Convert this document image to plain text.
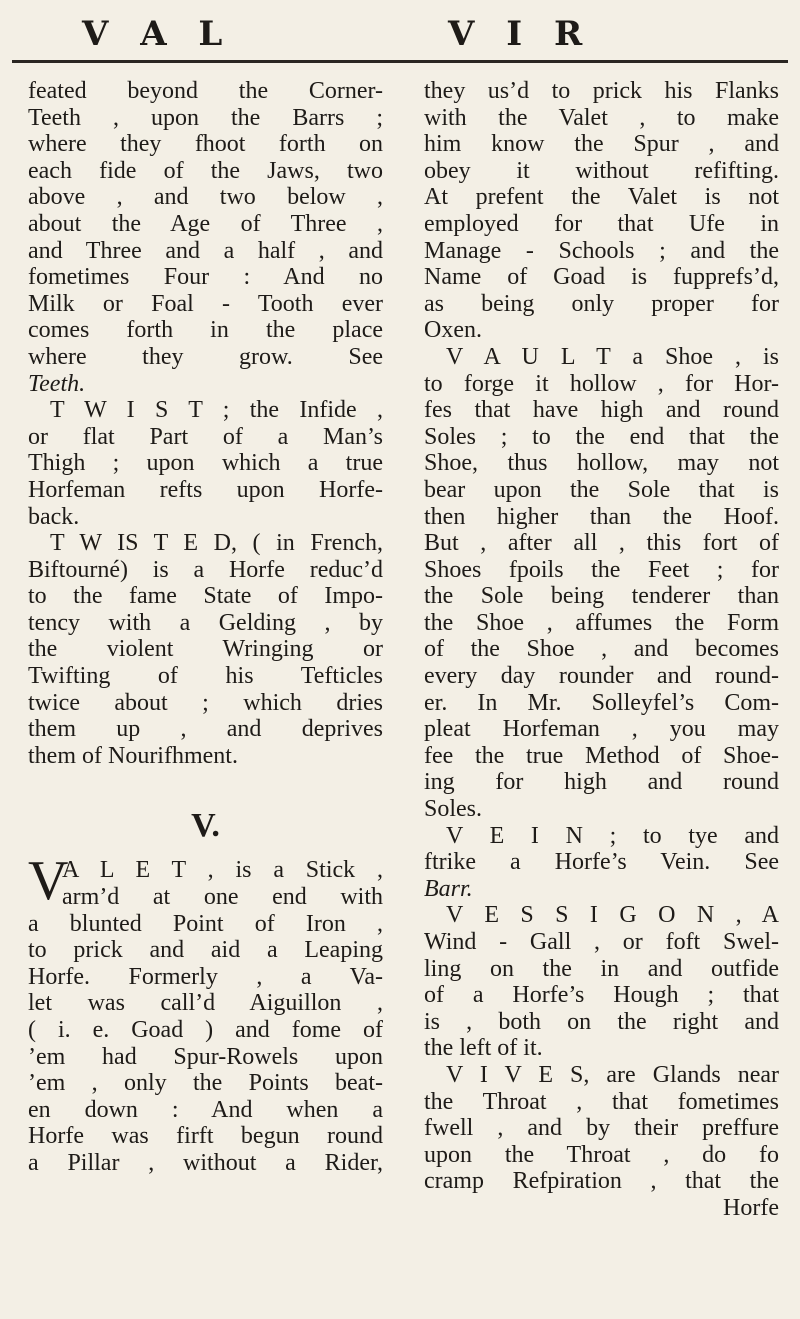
V A L	V I R
feated beyond the Corner-
Teeth , upon the Barrs ;
where they fhoot forth on
each fide of the Jaws, two
above , and two below ,
about the Age of Three ,
and Three and a half , and
fometimes Four : And no
Milk or Foal - Tooth ever
comes forth in the place
where they grow. See
Teeth.
T W I S T ; the Infide ,
or flat Part of a Man’s
Thigh ; upon which a true
Horfeman refts upon Horfe-
back.
T W IS T E D, ( in French,
Biftourné) is a Horfe reduc’d
to the fame State of Impo-
tency with a Gelding , by
the violent Wringing or
Twifting of his Tefticles
twice about ; which dries
them up , and deprives
them of Nourifhment.
V.
V
A L E T , is a Stick ,
arm’d at one end with
a blunted Point of Iron ,
to prick and aid a Leaping
Horfe. Formerly , a Va-
let was call’d Aiguillon ,
( i. e. Goad ) and fome of
’em had Spur-Rowels upon
’em , only the Points beat-
en down : And when a
Horfe was firft begun round
a Pillar , without a Rider,
they us’d to prick his Flanks
with the Valet , to make
him know the Spur , and
obey it without refifting.
At prefent the Valet is not
employed for that Ufe in
Manage - Schools ; and the
Name of Goad is fupprefs’d,
as being only proper for
Oxen.
V A U L T a Shoe , is
to forge it hollow , for Hor-
fes that have high and round
Soles ; to the end that the
Shoe, thus hollow, may not
bear upon the Sole that is
then higher than the Hoof.
But , after all , this fort of
Shoes fpoils the Feet ; for
the Sole being tenderer than
the Shoe , affumes the Form
of the Shoe , and becomes
every day rounder and round-
er. In Mr. Solleyfel’s Com-
pleat Horfeman , you may
fee the true Method of Shoe-
ing for high and round
Soles.
V E I N ; to tye and
ftrike a Horfe’s Vein. See
Barr.
V E S S I G O N , A
Wind - Gall , or foft Swel-
ling on the in and outfide
of a Horfe’s Hough ; that
is , both on the right and
the left of it.
V I V E S, are Glands near
the Throat , that fometimes
fwell , and by their preffure
upon the Throat , do fo
cramp Refpiration , that the
Horfe
